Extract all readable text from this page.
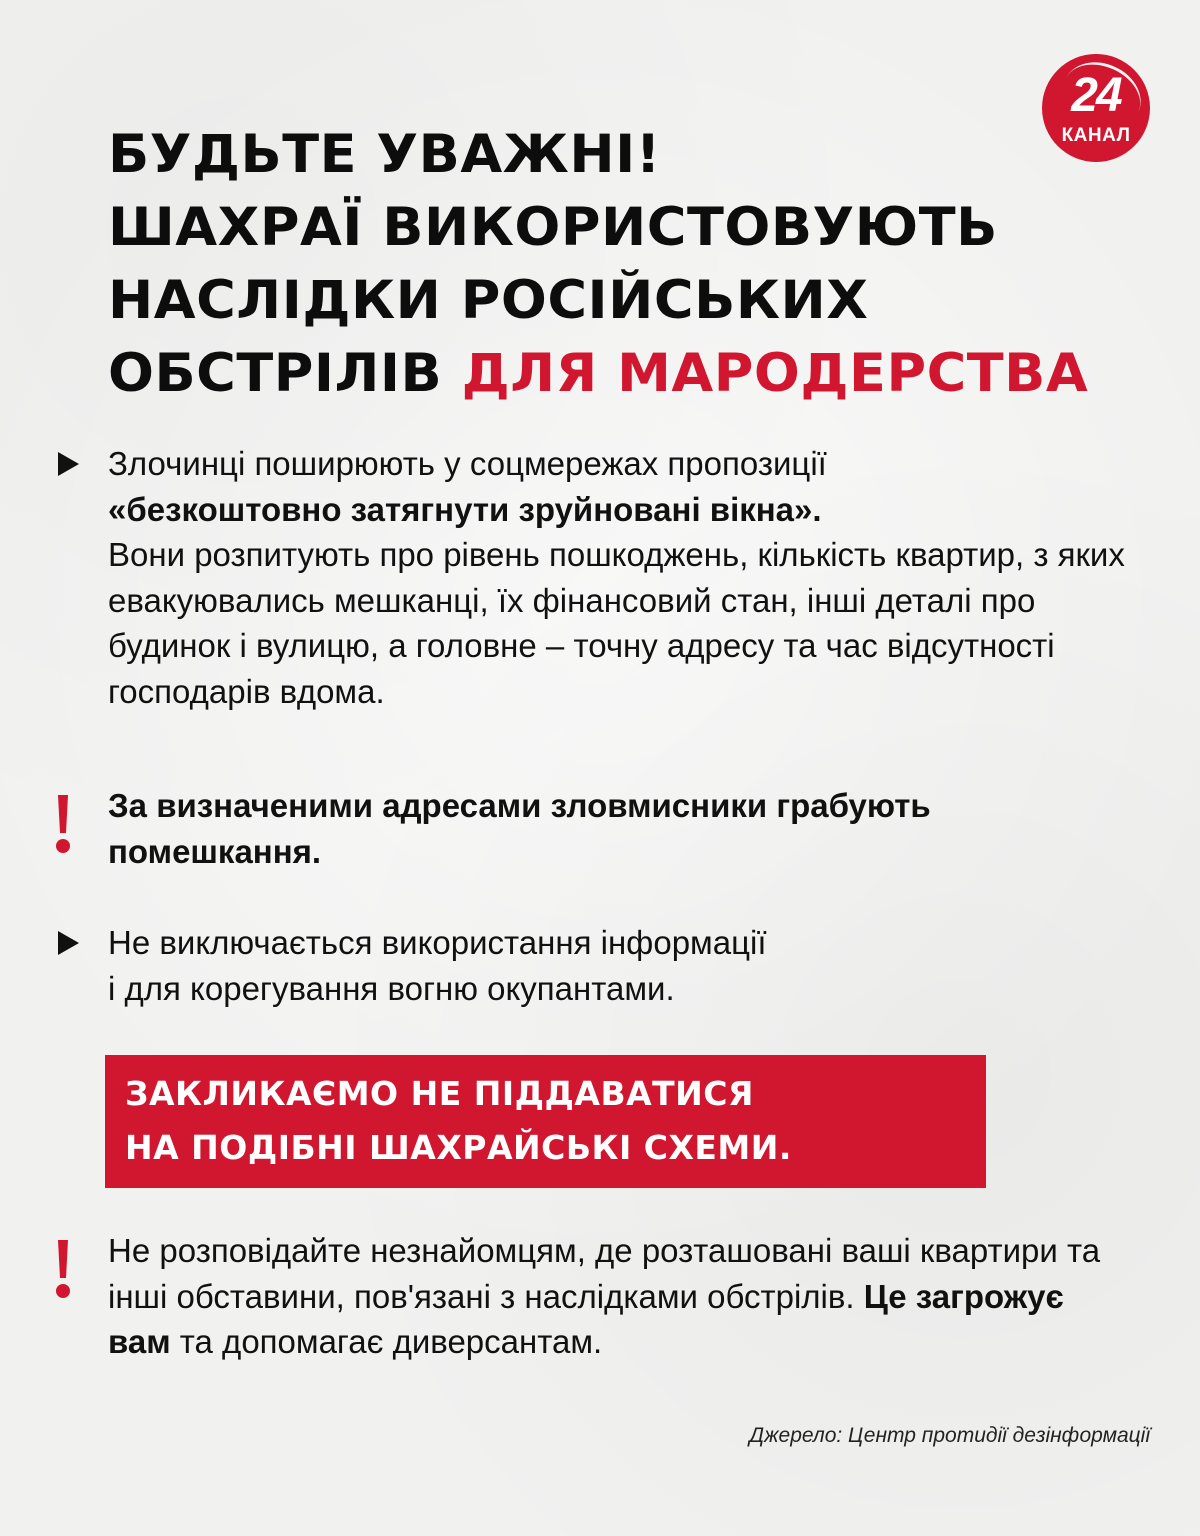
24
КАНАЛ
БУДЬТЕ УВАЖНІ!
ШАХРАЇ ВИКОРИСТОВУЮТЬ
НАСЛІДКИ РОСІЙСЬКИХ
ОБСТРІЛІВ ДЛЯ МАРОДЕРСТВА
Злочинці поширюють у соцмережах пропозиції
«безкоштовно затягнути зруйновані вікна».
Вони розпитують про рівень пошкоджень, кількість квартир, з яких евакуювались мешканці, їх фінансовий стан, інші деталі про будинок і вулицю, а головне – точну адресу та час відсутності господарів вдома.
За визначеними адресами зловмисники грабують помешкання.
Не виключається використання інформації
і для корегування вогню окупантами.
ЗАКЛИКАЄМО НЕ ПІДДАВАТИСЯ
НА ПОДІБНІ ШАХРАЙСЬКІ СХЕМИ.
Не розповідайте незнайомцям, де розташовані ваші квартири та інші обставини, пов'язані з наслідками обстрілів. Це загрожує вам та допомагає диверсантам.
Джерело: Центр протидії дезінформації
